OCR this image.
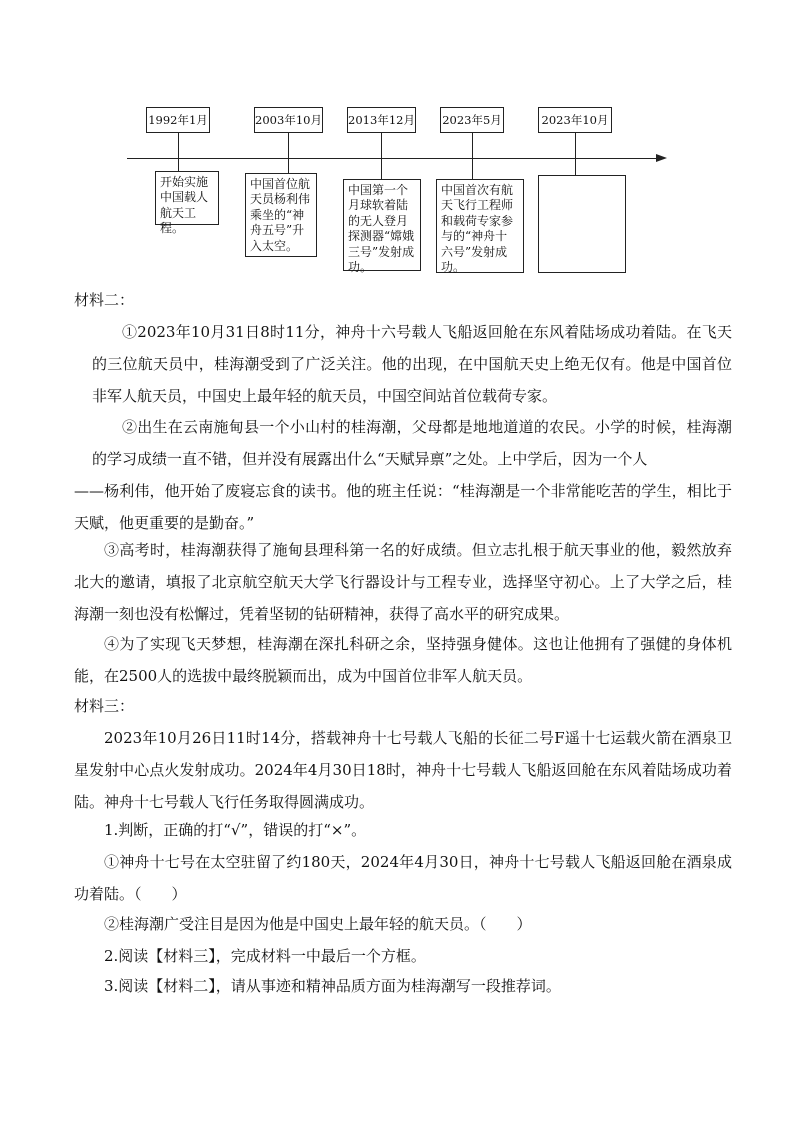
1992年1月	2003年10月 2013年12月 2023年5月	2023年10月
开始实施中国载人航天工程。
中国首位航天员杨利伟乘坐的“神舟五号”升入太空。
中国第一个月球软着陆的无人登月探测器“嫦娥三号”发射成功。
中国首次有航天飞行工程师和载荷专家参与的“神舟十六号”发射成功。
材料二：
①2023年10月31日8时11分，神舟十六号载人飞船返回舱在东风着陆场成功着陆。在飞天的三位航天员中，桂海潮受到了广泛关注。他的出现，在中国航天史上绝无仅有。他是中国首位非军人航天员，中国史上最年轻的航天员，中国空间站首位载荷专家。
②出生在云南施甸县一个小山村的桂海潮，父母都是地地道道的农民。小学的时候，桂海潮的学习成绩一直不错，但并没有展露出什么“天赋异禀”之处。上中学后，因为一个人
——杨利伟，他开始了废寝忘食的读书。他的班主任说：“桂海潮是一个非常能吃苦的学生，相比于天赋，他更重要的是勤奋。”
③高考时，桂海潮获得了施甸县理科第一名的好成绩。但立志扎根于航天事业的他，毅然放弃北大的邀请，填报了北京航空航天大学飞行器设计与工程专业，选择坚守初心。上了大学之后，桂海潮一刻也没有松懈过，凭着坚韧的钻研精神，获得了高水平的研究成果。
④为了实现飞天梦想，桂海潮在深扎科研之余，坚持强身健体。这也让他拥有了强健的身体机能，在2500人的选拔中最终脱颖而出，成为中国首位非军人航天员。
材料三：
2023年10月26日11时14分，搭载神舟十七号载人飞船的长征二号F遥十七运载火箭在酒泉卫星发射中心点火发射成功。2024年4月30日18时，神舟十七号载人飞船返回舱在东风着陆场成功着陆。神舟十七号载人飞行任务取得圆满成功。
1.判断，正确的打“√”，错误的打“×”。
①神舟十七号在太空驻留了约180天，2024年4月30日，神舟十七号载人飞船返回舱在酒泉成功着陆。（　　）
②桂海潮广受注目是因为他是中国史上最年轻的航天员。（　　）
2.阅读【材料三】，完成材料一中最后一个方框。
3.阅读【材料二】，请从事迹和精神品质方面为桂海潮写一段推荐词。
